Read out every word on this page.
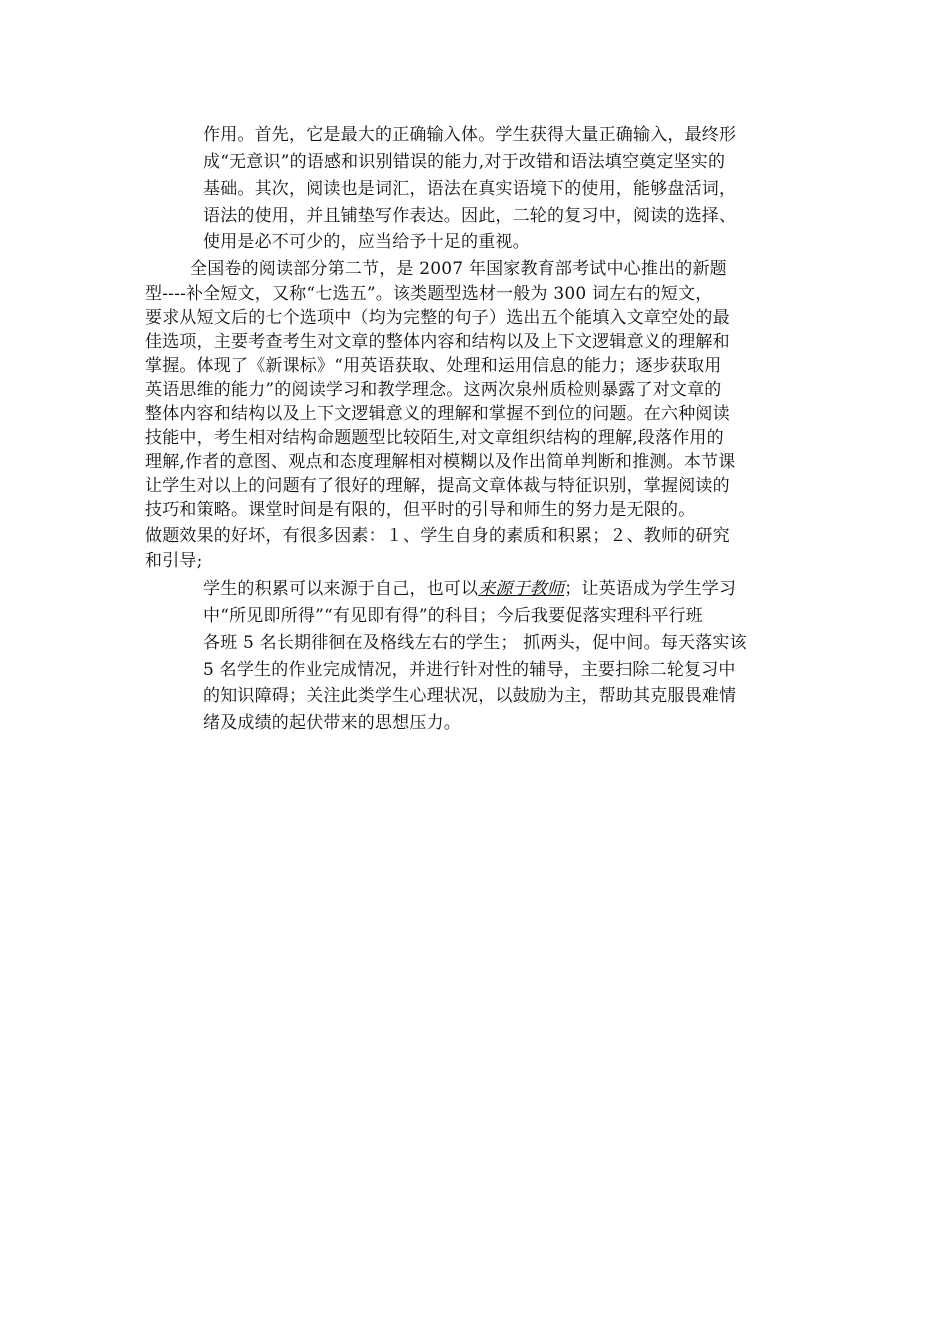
作用。首先，它是最大的正确输入体。学生获得大量正确输入，最终形
成“无意识”的语感和识别错误的能力,对于改错和语法填空奠定坚实的
基础。其次，阅读也是词汇，语法在真实语境下的使用，能够盘活词，
语法的使用，并且铺垫写作表达。因此，二轮的复习中，阅读的选择、
使用是必不可少的，应当给予十足的重视。
全国卷的阅读部分第二节，是 2007 年国家教育部考试中心推出的新题
型----补全短文，又称“七选五”。该类题型选材一般为 300 词左右的短文，
要求从短文后的七个选项中（均为完整的句子）选出五个能填入文章空处的最
佳选项，主要考查考生对文章的整体内容和结构以及上下文逻辑意义的理解和
掌握。体现了《新课标》“用英语获取、处理和运用信息的能力；逐步获取用
英语思维的能力”的阅读学习和教学理念。这两次泉州质检则暴露了对文章的
整体内容和结构以及上下文逻辑意义的理解和掌握不到位的问题。在六种阅读
技能中，考生相对结构命题题型比较陌生,对文章组织结构的理解,段落作用的
理解,作者的意图、观点和态度理解相对模糊以及作出简单判断和推测。本节课
让学生对以上的问题有了很好的理解，提高文章体裁与特征识别，掌握阅读的
技巧和策略。课堂时间是有限的，但平时的引导和师生的努力是无限的。
做题效果的好坏，有很多因素：１、学生自身的素质和积累；２、教师的研究
和引导;
学生的积累可以来源于自己，也可以来源于教师；让英语成为学生学习
中“所见即所得”“有见即有得”的科目；今后我要促落实理科平行班
各班 5 名长期徘徊在及格线左右的学生； 抓两头，促中间。每天落实该
5 名学生的作业完成情况，并进行针对性的辅导，主要扫除二轮复习中
的知识障碍；关注此类学生心理状况，以鼓励为主，帮助其克服畏难情
绪及成绩的起伏带来的思想压力。
